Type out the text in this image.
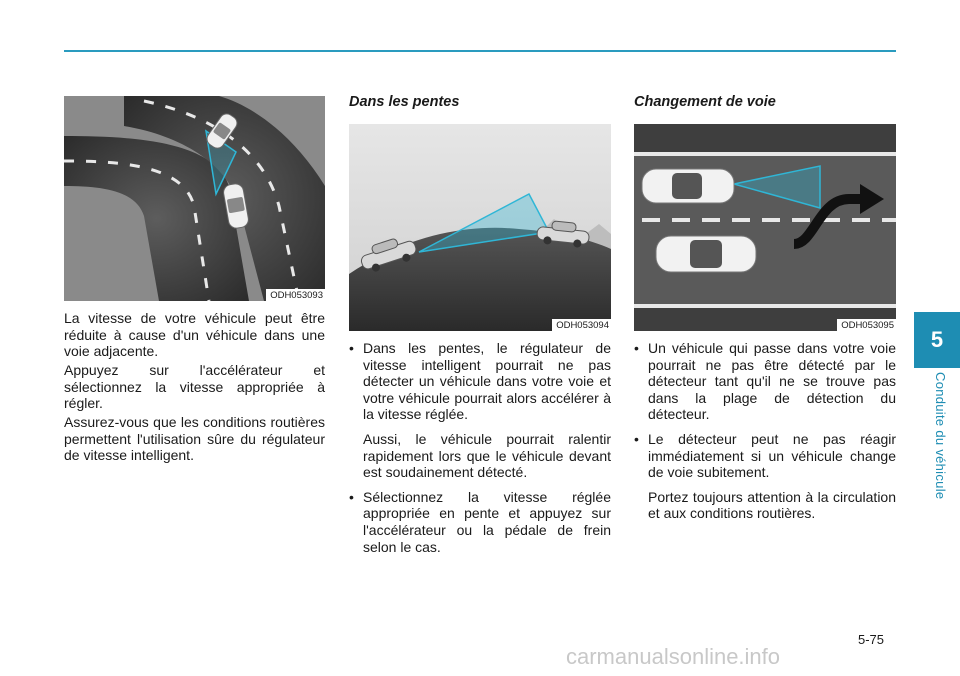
ODH053093

La vitesse de votre véhicule peut être réduite à cause d'un véhicule dans une voie adjacente.

Appuyez sur l'accélérateur et sélectionnez la vitesse appropriée à régler.

Assurez-vous que les conditions routières permettent l'utilisation sûre du régulateur de vitesse intelligent.

Dans les pentes
ODH053094
• Dans les pentes, le régulateur de vitesse intelligent pourrait ne pas détecter un véhicule dans votre voie et votre véhicule pourrait alors accélérer à la vitesse réglée.

Aussi, le véhicule pourrait ralentir rapidement lors que le véhicule devant est soudainement détecté.

• Sélectionnez la vitesse réglée appropriée en pente et appuyez sur l'accélérateur ou la pédale de frein selon le cas.
Changement de voie
ODH053095
• Un véhicule qui passe dans votre voie pourrait ne pas être détecté par le détecteur tant qu'il ne se trouve pas dans la plage de détection du détecteur.
• Le détecteur peut ne pas réagir immédiatement si un véhicule change de voie subitement.

Portez toujours attention à la circulation et aux conditions routières.

5
Conduite du véhicule
5-75
carmanualsonline.info
